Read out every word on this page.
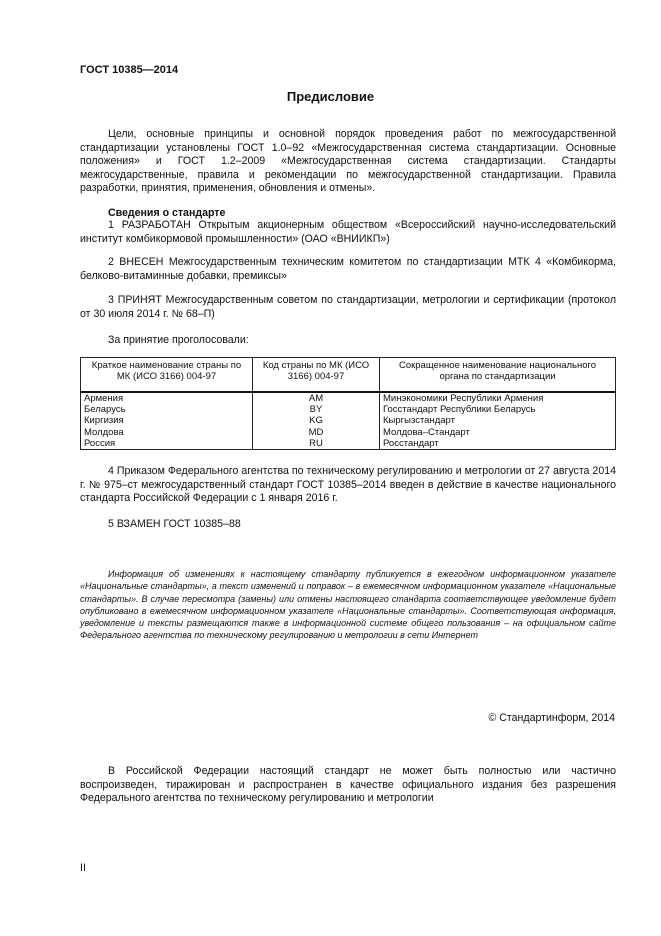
ГОСТ 10385—2014
Предисловие
Цели, основные принципы и основной порядок проведения работ по межгосударственной стандартизации установлены ГОСТ 1.0–92 «Межгосударственная система стандартизации. Основные положения» и ГОСТ 1.2–2009 «Межгосударственная система стандартизации. Стандарты межгосударственные, правила и рекомендации по межгосударственной стандартизации. Правила разработки, принятия, применения, обновления и отмены».
Сведения о стандарте
1 РАЗРАБОТАН Открытым акционерным обществом «Всероссийский научно-исследовательский институт комбикормовой промышленности» (ОАО «ВНИИКП»)
2 ВНЕСЕН Межгосударственным техническим комитетом по стандартизации МТК 4 «Комбикорма, белково-витаминные добавки, премиксы»
3 ПРИНЯТ Межгосударственным советом по стандартизации, метрологии и сертификации (протокол от 30 июля 2014 г. № 68–П)
За принятие проголосовали:
Краткое наименование страны по МК (ИСО 3166) 004-97	Код страны по МК (ИСО 3166) 004-97	Сокращенное наименование национального органа по стандартизации
Армения	AM	Минэкономики Республики Армения
Беларусь	BY	Госстандарт Республики Беларусь
Киргизия	KG	Кыргызстандарт
Молдова	MD	Молдова–Стандарт
Россия	RU	Росстандарт
4 Приказом Федерального агентства по техническому регулированию и метрологии от 27 августа 2014 г. № 975–ст межгосударственный стандарт ГОСТ 10385–2014 введен в действие в качестве национального стандарта Российской Федерации с 1 января 2016 г.
5 ВЗАМЕН ГОСТ 10385–88
Информация об изменениях к настоящему стандарту публикуется в ежегодном информационном указателе «Национальные стандарты», а текст изменений и поправок – в ежемесячном информационном указателе «Национальные стандарты». В случае пересмотра (замены) или отмены настоящего стандарта соответствующее уведомление будет опубликовано в ежемесячном информационном указателе «Национальные стандарты». Соответствующая информация, уведомление и тексты размещаются также в информационной системе общего пользования – на официальном сайте Федерального агентства по техническому регулированию и метрологии в сети Интернет
© Стандартинформ, 2014
В Российской Федерации настоящий стандарт не может быть полностью или частично воспроизведен, тиражирован и распространен в качестве официального издания без разрешения Федерального агентства по техническому регулированию и метрологии
II
